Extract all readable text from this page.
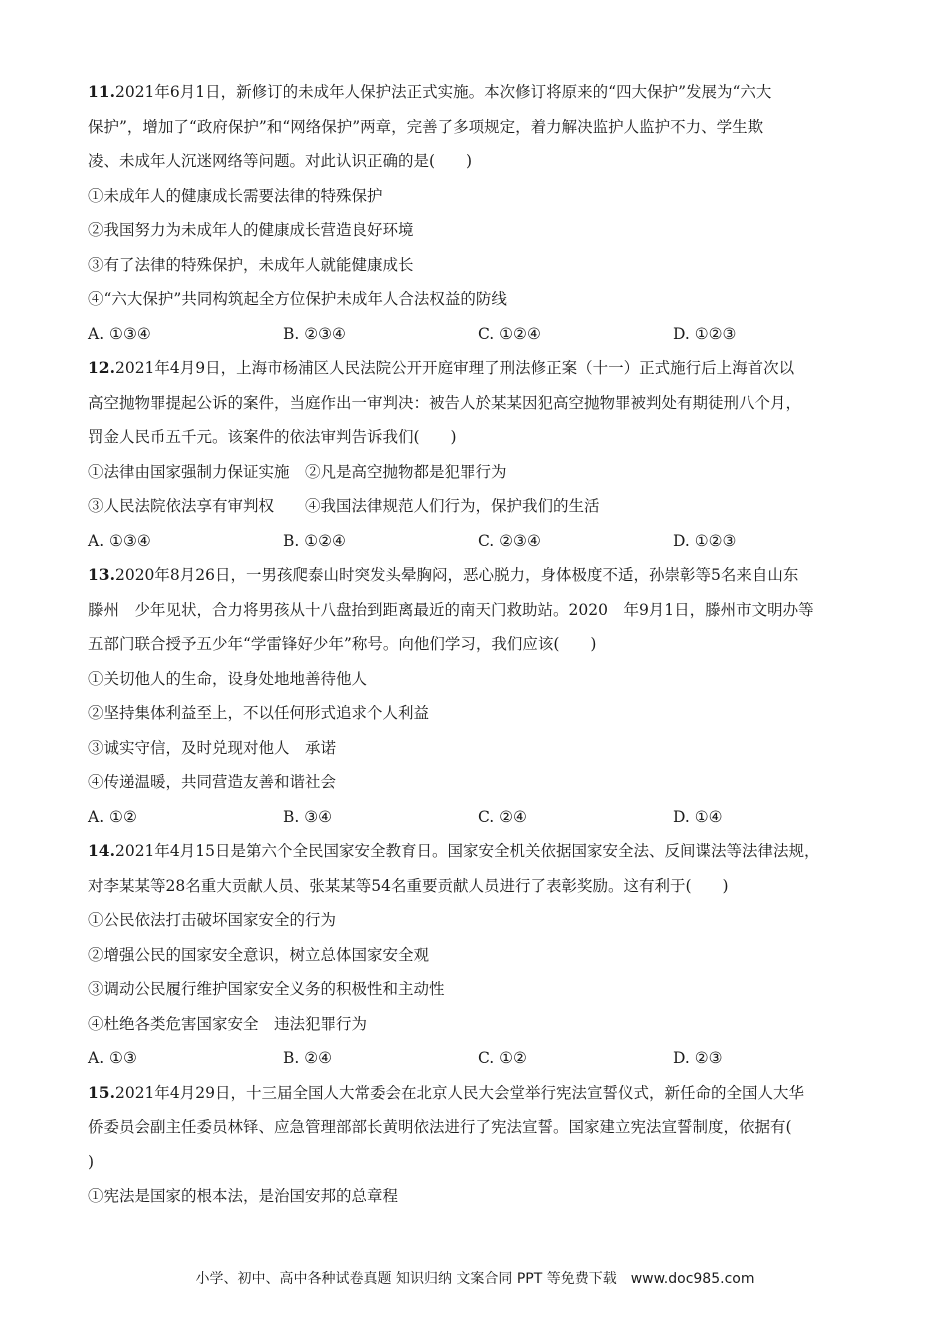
11.2021年6月1日，新修订的未成年人保护法正式实施。本次修订将原来的“四大保护”发展为“六大
保护”，增加了“政府保护”和“网络保护”两章，完善了多项规定，着力解决监护人监护不力、学生欺
凌、未成年人沉迷网络等问题。对此认识正确的是(　　)
①未成年人的健康成长需要法律的特殊保护
②我国努力为未成年人的健康成长营造良好环境
③有了法律的特殊保护，未成年人就能健康成长
④“六大保护”共同构筑起全方位保护未成年人合法权益的防线
A. ①③④	B. ②③④	C. ①②④	D. ①②③
12.2021年4月9日，上海市杨浦区人民法院公开开庭审理了刑法修正案（十一）正式施行后上海首次以
高空抛物罪提起公诉的案件，当庭作出一审判决：被告人於某某因犯高空抛物罪被判处有期徒刑八个月，
罚金人民币五千元。该案件的依法审判告诉我们(　　)
①法律由国家强制力保证实施　②凡是高空抛物都是犯罪行为
③人民法院依法享有审判权　　④我国法律规范人们行为，保护我们的生活
A. ①③④	B. ①②④	C. ②③④	D. ①②③
13.2020年8月26日，一男孩爬泰山时突发头晕胸闷，恶心脱力，身体极度不适，孙崇彰等5名来自山东
滕州　少年见状，合力将男孩从十八盘抬到距离最近的南天门救助站。2020　年9月1日，滕州市文明办等
五部门联合授予五少年“学雷锋好少年”称号。向他们学习，我们应该(　　)
①关切他人的生命，设身处地地善待他人
②坚持集体利益至上，不以任何形式追求个人利益
③诚实守信，及时兑现对他人　承诺
④传递温暖，共同营造友善和谐社会
A. ①②	B. ③④	C. ②④	D. ①④
14.2021年4月15日是第六个全民国家安全教育日。国家安全机关依据国家安全法、反间谍法等法律法规，
对李某某等28名重大贡献人员、张某某等54名重要贡献人员进行了表彰奖励。这有利于(　　)
①公民依法打击破坏国家安全的行为
②增强公民的国家安全意识，树立总体国家安全观
③调动公民履行维护国家安全义务的积极性和主动性
④杜绝各类危害国家安全　违法犯罪行为
A. ①③	B. ②④	C. ①②	D. ②③
15.2021年4月29日，十三届全国人大常委会在北京人民大会堂举行宪法宣誓仪式，新任命的全国人大华
侨委员会副主任委员林铎、应急管理部部长黄明依法进行了宪法宣誓。国家建立宪法宣誓制度，依据有(
)
①宪法是国家的根本法，是治国安邦的总章程
小学、初中、高中各种试卷真题 知识归纳 文案合同 PPT 等免费下载　www.doc985.com
